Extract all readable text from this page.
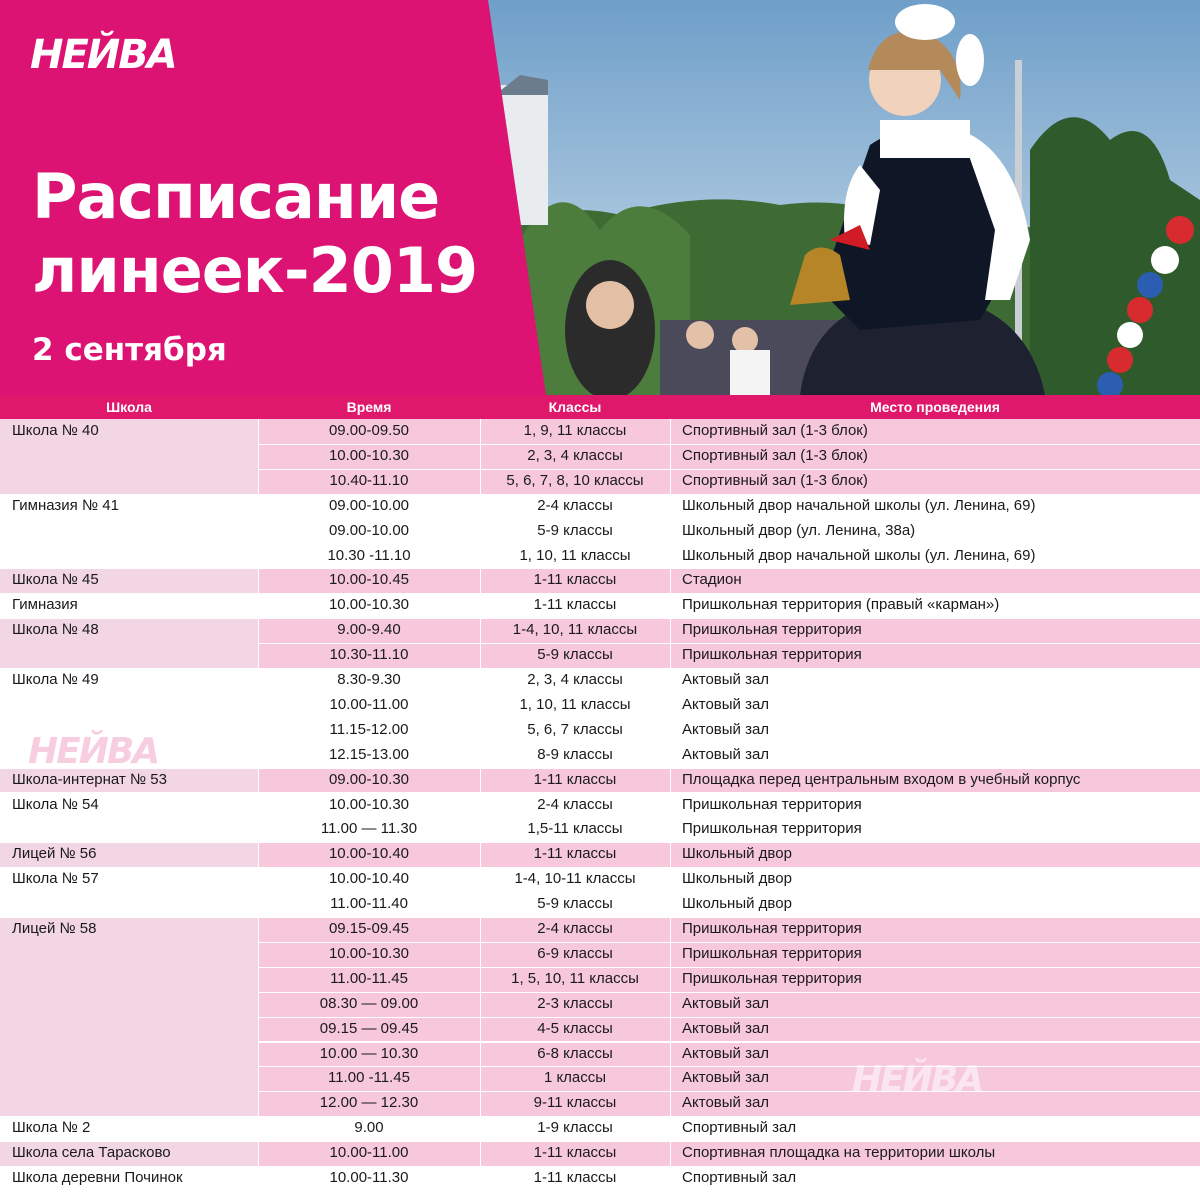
НЕЙВА
Расписание
линеек-2019
2 сентября
Школа	Время	Классы	Место проведения
Школа № 40	09.00-09.50	1, 9, 11 классы	Спортивный зал (1-3 блок)
10.00-10.30	2, 3, 4 классы	Спортивный зал (1-3 блок)
10.40-11.10	5, 6, 7, 8, 10 классы	Спортивный зал (1-3 блок)
Гимназия № 41	09.00-10.00	2-4 классы	Школьный двор начальной школы (ул. Ленина, 69)
09.00-10.00	5-9 классы	Школьный двор (ул. Ленина, 38а)
10.30 -11.10	1, 10, 11 классы	Школьный двор начальной школы (ул. Ленина, 69)
Школа № 45	10.00-10.45	1-11 классы	Стадион
Гимназия	10.00-10.30	1-11 классы	Пришкольная территория (правый «карман»)
Школа № 48	9.00-9.40	1-4, 10, 11 классы	Пришкольная территория
10.30-11.10	5-9 классы	Пришкольная территория
Школа № 49	8.30-9.30	2, 3, 4 классы	Актовый зал
10.00-11.00	1, 10, 11 классы	Актовый зал
11.15-12.00	5, 6, 7 классы	Актовый зал
12.15-13.00	8-9 классы	Актовый зал
Школа-интернат № 53	09.00-10.30	1-11 классы	Площадка перед центральным входом в учебный корпус
Школа № 54	10.00-10.30	2-4 классы	Пришкольная территория
11.00 — 11.30	1,5-11 классы	Пришкольная территория
Лицей № 56	10.00-10.40	1-11 классы	Школьный двор
Школа № 57	10.00-10.40	1-4, 10-11 классы	Школьный двор
11.00-11.40	5-9 классы	Школьный двор
Лицей № 58	09.15-09.45	2-4 классы	Пришкольная территория
10.00-10.30	6-9 классы	Пришкольная территория
11.00-11.45	1, 5, 10, 11 классы	Пришкольная территория
08.30 — 09.00	2-3 классы	Актовый зал
09.15 — 09.45	4-5 классы	Актовый зал
10.00 — 10.30	6-8 классы	Актовый зал
11.00 -11.45	1 классы	Актовый зал
12.00 — 12.30	9-11 классы	Актовый зал
Школа № 2	9.00	1-9 классы	Спортивный зал
Школа села Тарасково	10.00-11.00	1-11 классы	Спортивная площадка на территории школы
Школа деревни Починок	10.00-11.30	1-11 классы	Спортивный зал
НЕЙВА
НЕЙВА
